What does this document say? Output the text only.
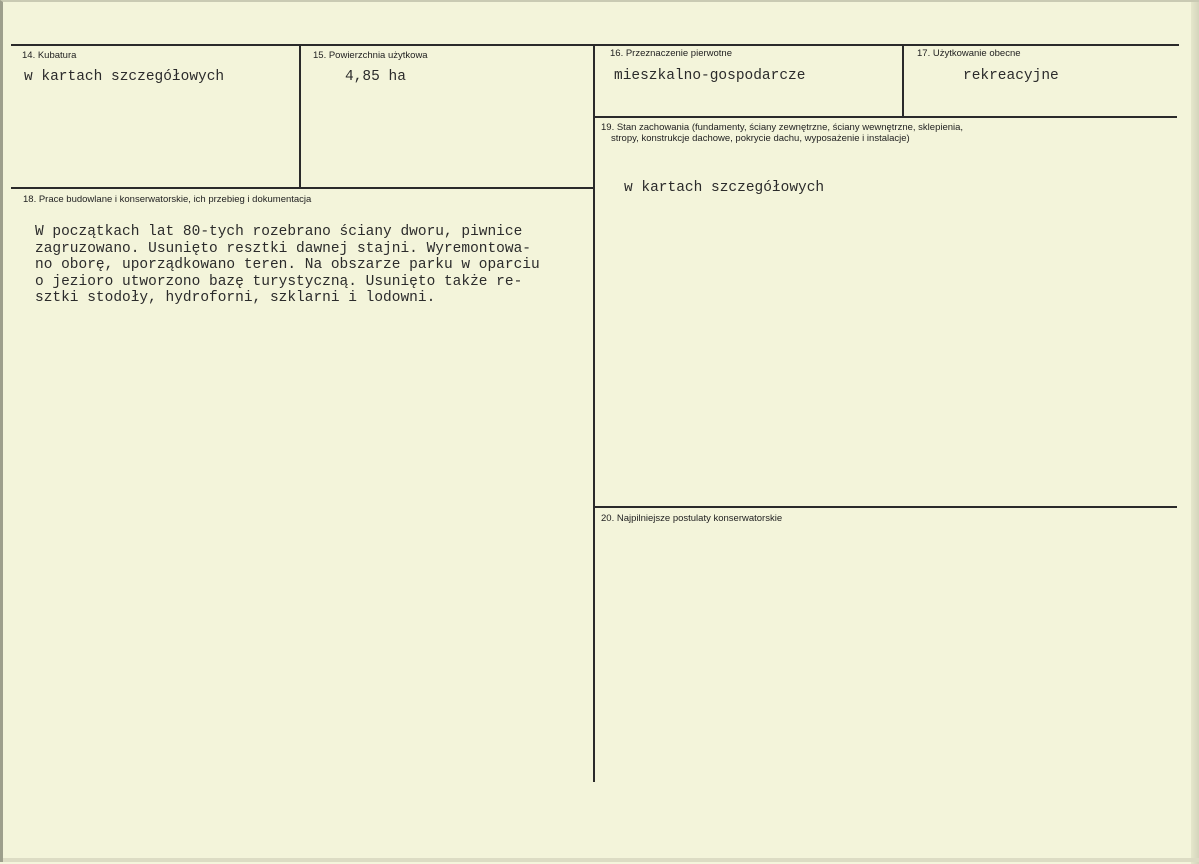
14. Kubatura
w kartach szczegółowych
15. Powierzchnia użytkowa
4,85 ha
16. Przeznaczenie pierwotne
mieszkalno-gospodarcze
17. Użytkowanie obecne
rekreacyjne
19. Stan zachowania (fundamenty, ściany zewnętrzne, ściany wewnętrzne, sklepienia,
stropy, konstrukcje dachowe, pokrycie dachu, wyposażenie i instalacje)
w kartach szczegółowych
18. Prace budowlane i konserwatorskie, ich przebieg i dokumentacja
W początkach lat 80-tych rozebrano ściany dworu, piwnice
zagruzowano. Usunięto resztki dawnej stajni. Wyremontowa-
no oborę, uporządkowano teren. Na obszarze parku w oparciu
o jezioro utworzono bazę turystyczną. Usunięto także re-
sztki stodoły, hydroforni, szklarni i lodowni.
20. Najpilniejsze postulaty konserwatorskie
